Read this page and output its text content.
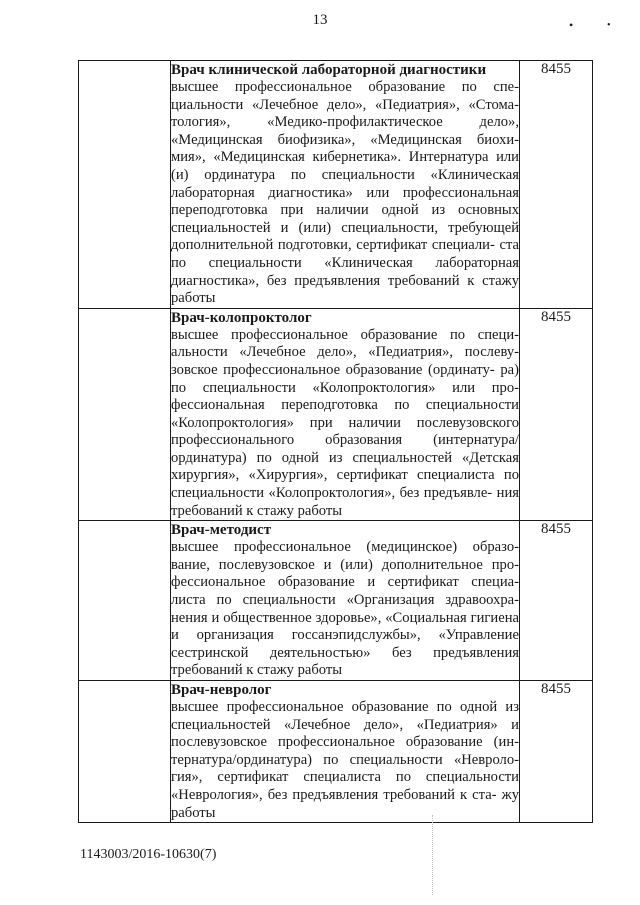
13	•	•

	Врач клинической лабораторной диагностики
высшее профессиональное образование по спе- циальности «Лечебное дело», «Педиатрия», «Стома- тология», «Медико-профилактическое дело», «Медицинская биофизика», «Медицинская биохи- мия», «Медицинская кибернетика». Интернатура или (и) ординатура по специальности «Клиническая лабораторная диагностика» или профессиональная переподготовка при наличии одной из основных специальностей и (или) специальности, требующей дополнительной подготовки, сертификат специали- ста по специальности «Клиническая лабораторная диагностика», без предъявления требований к стажу работы	8455

	Врач-колопроктолог
высшее профессиональное образование по специ- альности «Лечебное дело», «Педиатрия», послеву- зовское профессиональное образование (ординату- ра) по специальности «Колопроктология» или про- фессиональная переподготовка по специальности «Колопроктология» при наличии послевузовского профессионального образования (интернатура/ ординатура) по одной из специальностей «Детская хирургия», «Хирургия», сертификат специалиста по специальности «Колопроктология», без предъявле- ния требований к стажу работы	8455

	Врач-методист
высшее профессиональное (медицинское) образо- вание, послевузовское и (или) дополнительное про- фессиональное образование и сертификат специа- листа по специальности «Организация здравоохра- нения и общественное здоровье», «Социальная гигиена и организация госсанэпидслужбы», «Управление сестринской деятельностью» без предъявления требований к стажу работы	8455

	Врач-невролог
высшее профессиональное образование по одной из специальностей «Лечебное дело», «Педиатрия» и послевузовское профессиональное образование (ин- тернатура/ординатура) по специальности «Невроло- гия», сертификат специалиста по специальности «Неврология», без предъявления требований к ста- жу работы	8455
1143003/2016-10630(7)
